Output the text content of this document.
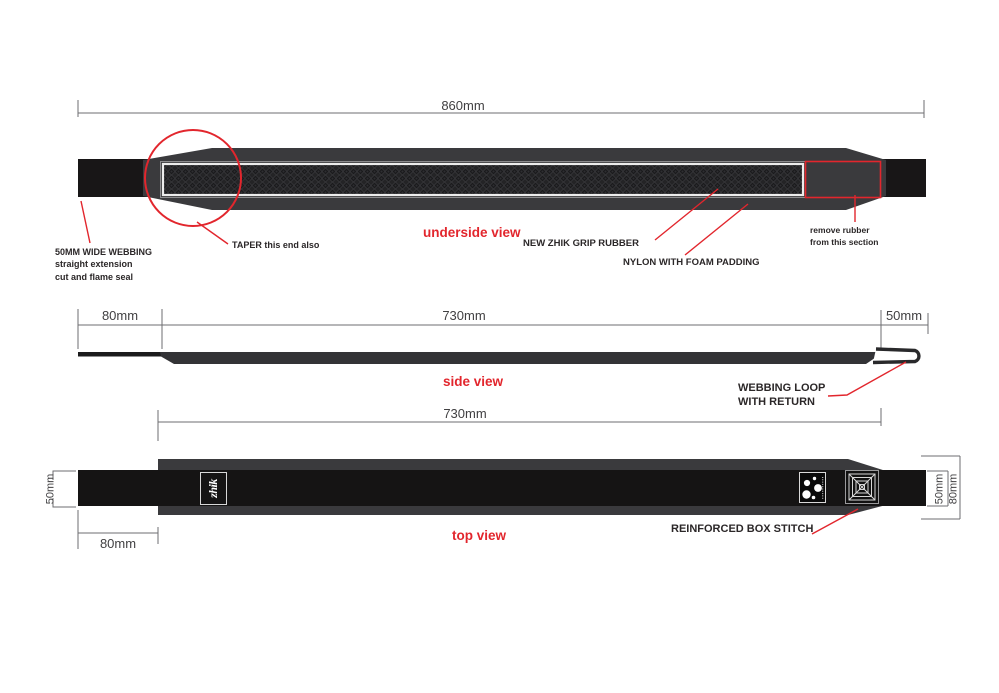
860mm
50MM WIDE WEBBING
straight extension
cut and flame seal
TAPER this end also
underside view
NEW ZHIK GRIP RUBBER
NYLON WITH FOAM PADDING
remove rubber
from this section
80mm	730mm	50mm
side view	WEBBING LOOP
WITH RETURN
730mm
50mm
80mm
50mm 80mm
top view	REINFORCED BOX STITCH
zhik
